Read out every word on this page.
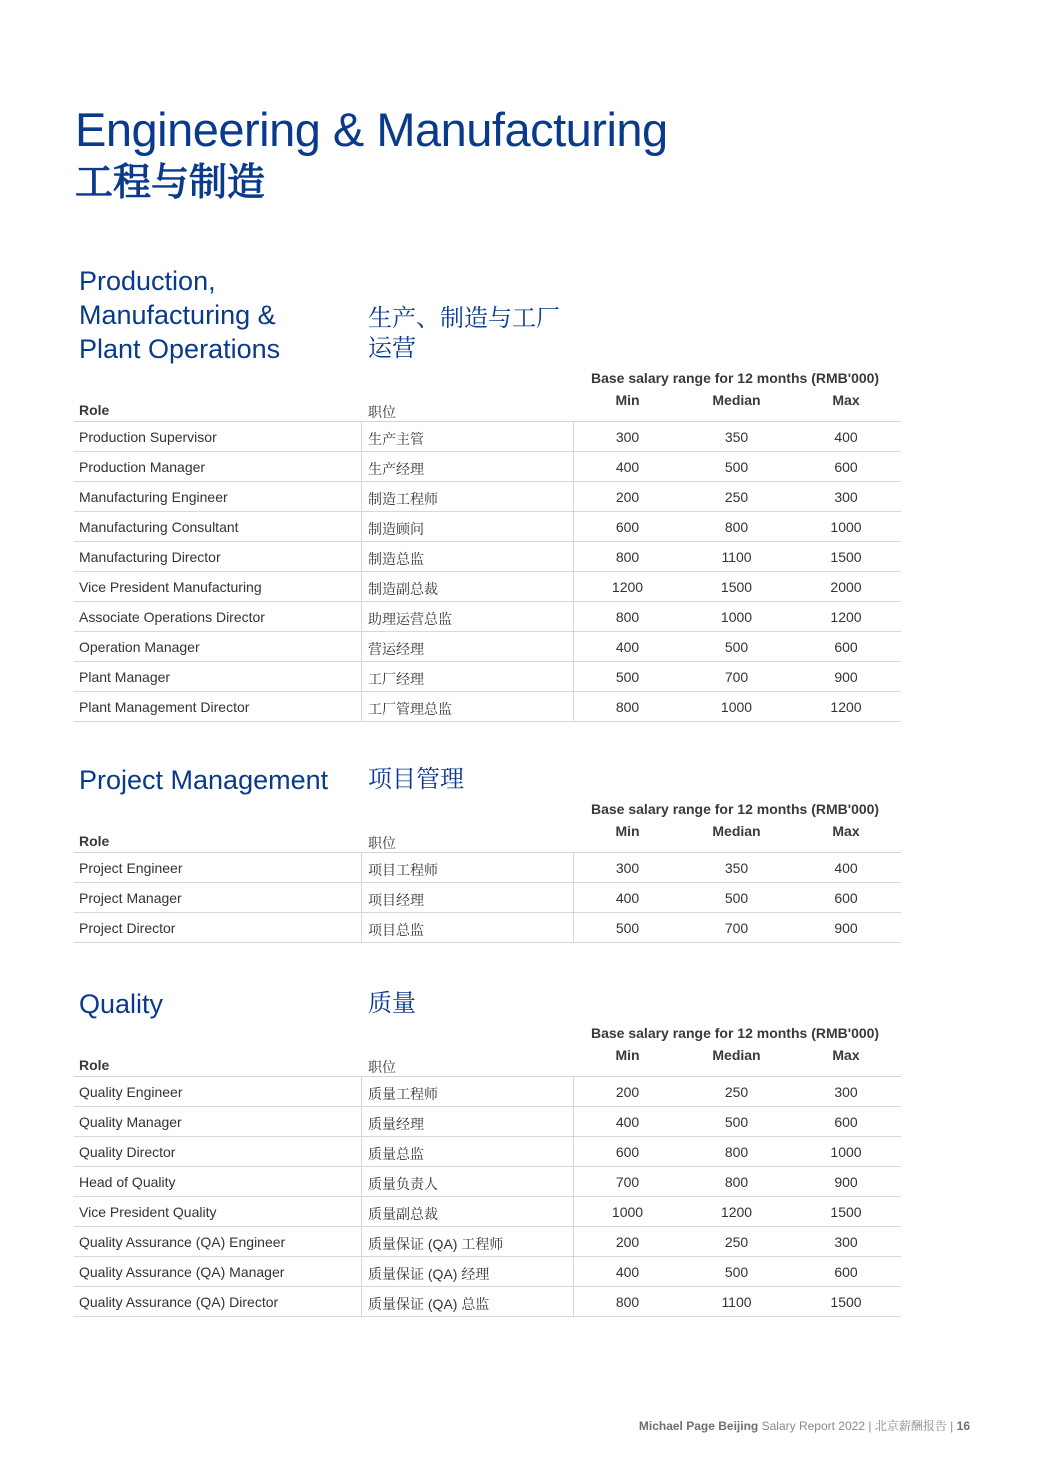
Engineering & Manufacturing
工程与制造
Production,
Manufacturing &
Plant Operations
生产、制造与工厂
运营
Base salary range for 12 months (RMB'000)
Role	职位
Min	Median	Max
Production Supervisor	生产主管	300	350	400
Production Manager	生产经理	400	500	600
Manufacturing Engineer	制造工程师	200	250	300
Manufacturing Consultant	制造顾问	600	800	1000
Manufacturing Director	制造总监	800	1100	1500
Vice President Manufacturing	制造副总裁	1200	1500	2000
Associate Operations Director	助理运营总监	800	1000	1200
Operation Manager	营运经理	400	500	600
Plant Manager	工厂经理	500	700	900
Plant Management Director	工厂管理总监	800	1000	1200
Project Management 项目管理
Base salary range for 12 months (RMB'000)
Role	职位
Min	Median	Max
Project Engineer	项目工程师	300	350	400
Project Manager	项目经理	400	500	600
Project Director	项目总监	500	700	900
Quality	质量
Base salary range for 12 months (RMB'000)
Role	职位
Min	Median	Max
Quality Engineer	质量工程师	200	250	300
Quality Manager	质量经理	400	500	600
Quality Director	质量总监	600	800	1000
Head of Quality	质量负责人	700	800	900
Vice President Quality	质量副总裁	1000	1200	1500
Quality Assurance (QA) Engineer	质量保证 (QA) 工程师	200	250	300
Quality Assurance (QA) Manager	质量保证 (QA) 经理	400	500	600
Quality Assurance (QA) Director	质量保证 (QA) 总监	800	1100	1500
Michael Page Beijing Salary Report 2022 | 北京薪酬报告 | 16
